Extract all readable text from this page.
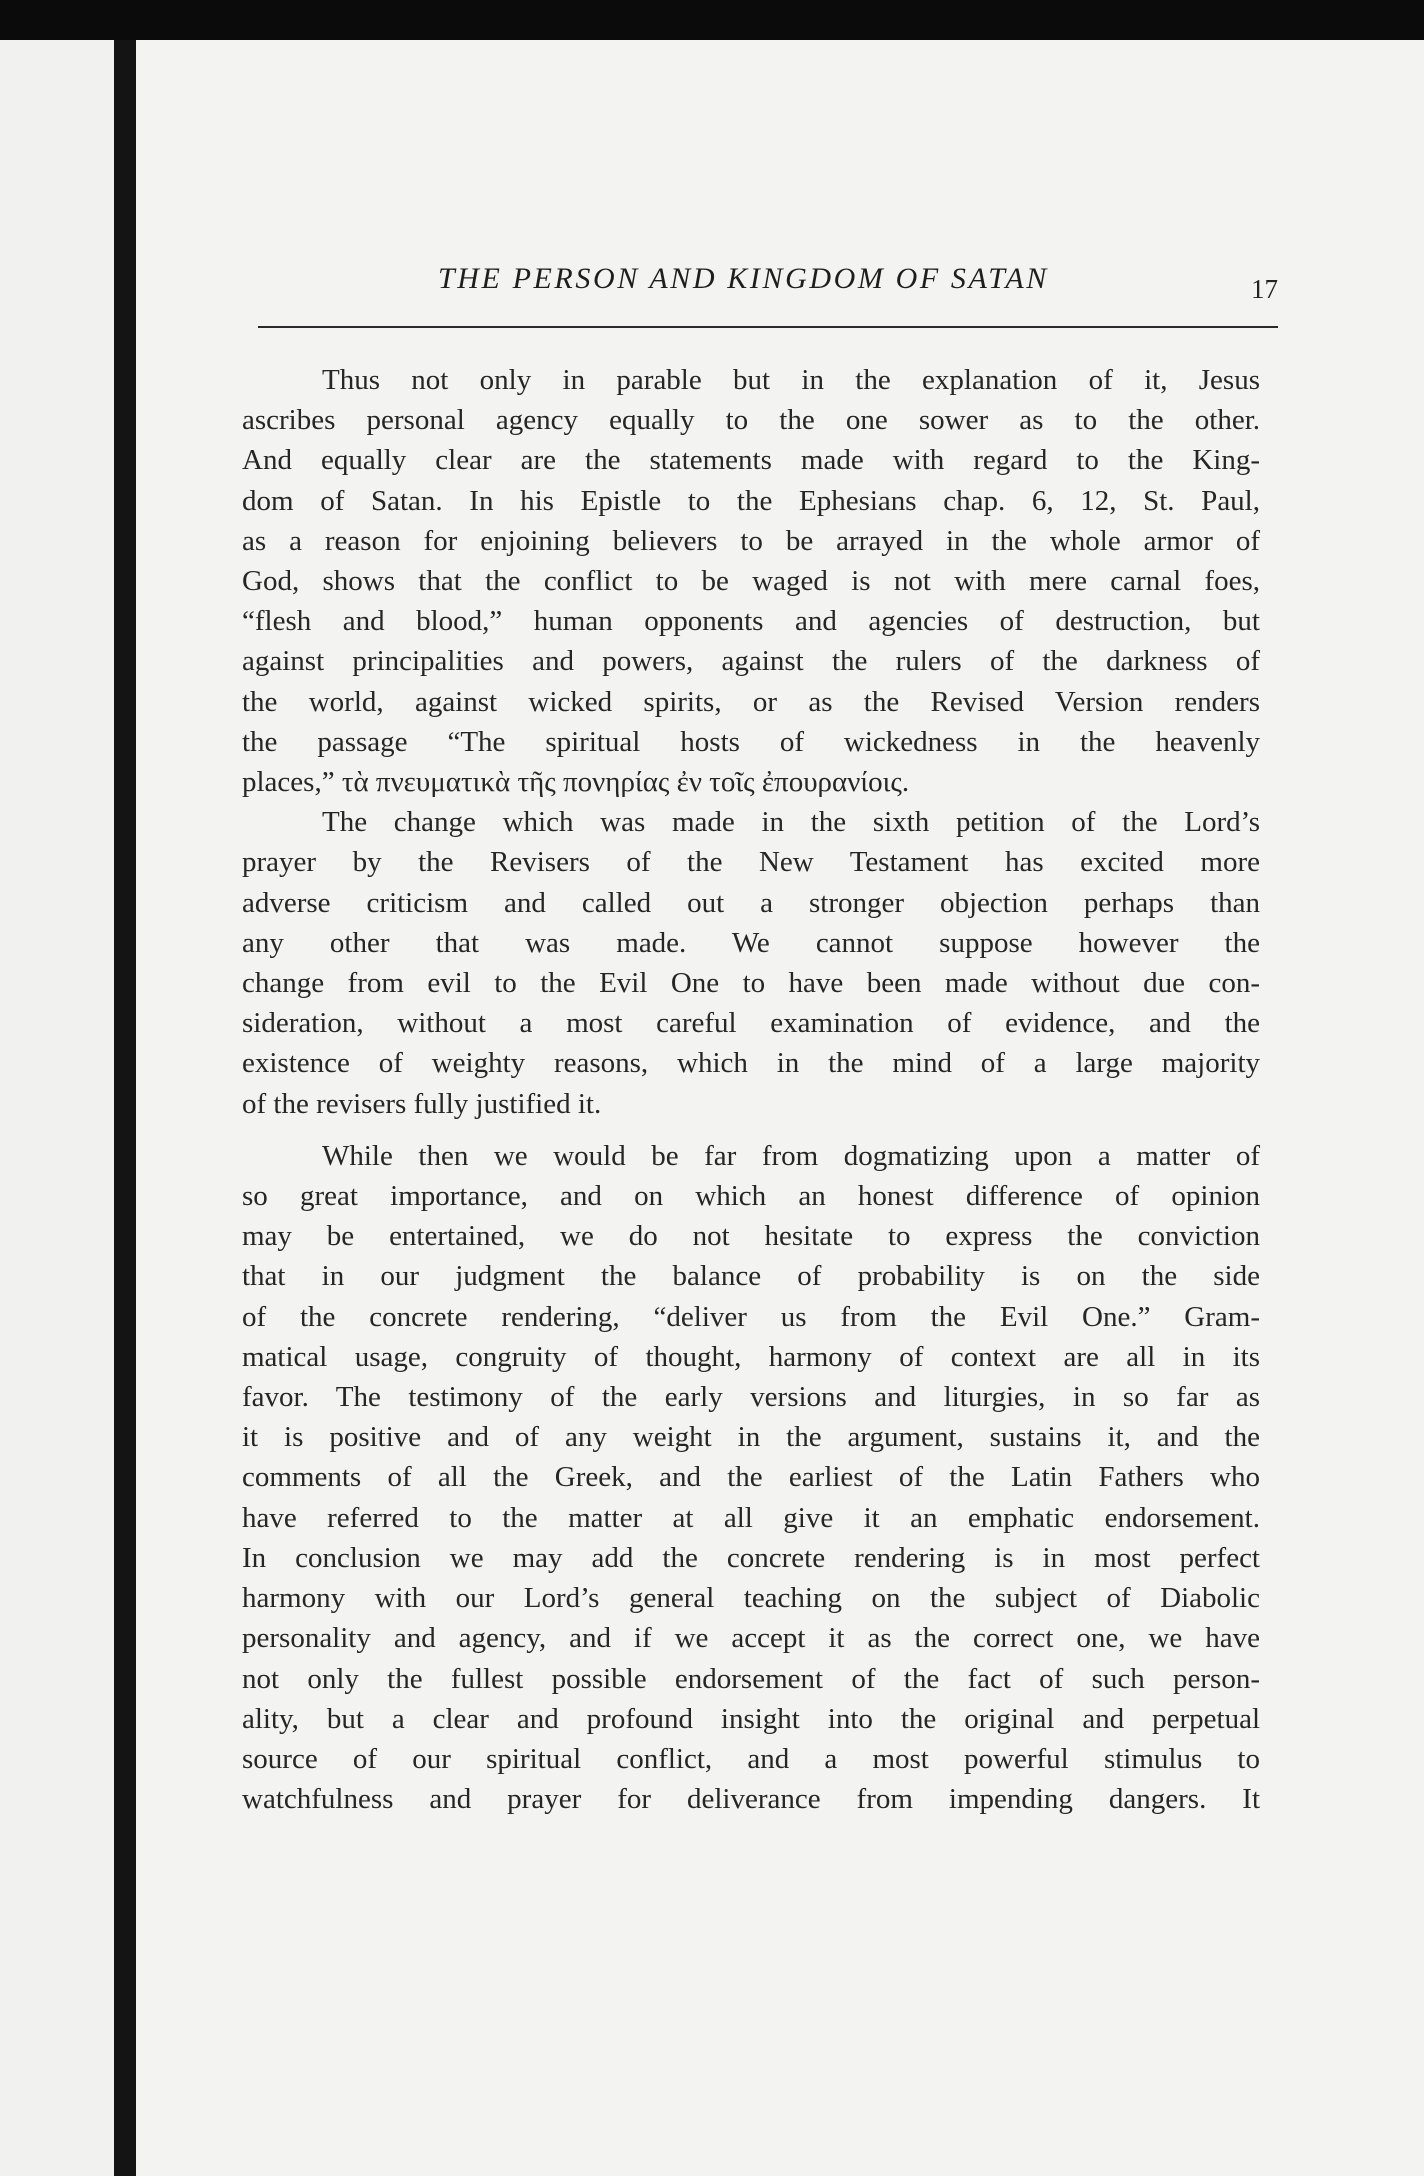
THE PERSON AND KINGDOM OF SATAN	17
Thus not only in parable but in the explanation of it, Jesus
ascribes personal agency equally to the one sower as to the other.
And equally clear are the statements made with regard to the King-
dom of Satan. In his Epistle to the Ephesians chap. 6, 12, St. Paul,
as a reason for enjoining believers to be arrayed in the whole armor of
God, shows that the conflict to be waged is not with mere carnal foes,
“flesh and blood,” human opponents and agencies of destruction, but
against principalities and powers, against the rulers of the darkness of
the world, against wicked spirits, or as the Revised Version renders
the passage “The spiritual hosts of wickedness in the heavenly
places,” τὰ πνευματικὰ τῆς πονηρίας ἐν τοῖς ἐπουρανίοις.
The change which was made in the sixth petition of the Lord’s
prayer by the Revisers of the New Testament has excited more
adverse criticism and called out a stronger objection perhaps than
any other that was made. We cannot suppose however the
change from evil to the Evil One to have been made without due con-
sideration, without a most careful examination of evidence, and the
existence of weighty reasons, which in the mind of a large majority
of the revisers fully justified it.
While then we would be far from dogmatizing upon a matter of
so great importance, and on which an honest difference of opinion
may be entertained, we do not hesitate to express the conviction
that in our judgment the balance of probability is on the side
of the concrete rendering, “deliver us from the Evil One.” Gram-
matical usage, congruity of thought, harmony of context are all in its
favor. The testimony of the early versions and liturgies, in so far as
it is positive and of any weight in the argument, sustains it, and the
comments of all the Greek, and the earliest of the Latin Fathers who
have referred to the matter at all give it an emphatic endorsement.
In conclusion we may add the concrete rendering is in most perfect
harmony with our Lord’s general teaching on the subject of Diabolic
personality and agency, and if we accept it as the correct one, we have
not only the fullest possible endorsement of the fact of such person-
ality, but a clear and profound insight into the original and perpetual
source of our spiritual conflict, and a most powerful stimulus to
watchfulness and prayer for deliverance from impending dangers. It
